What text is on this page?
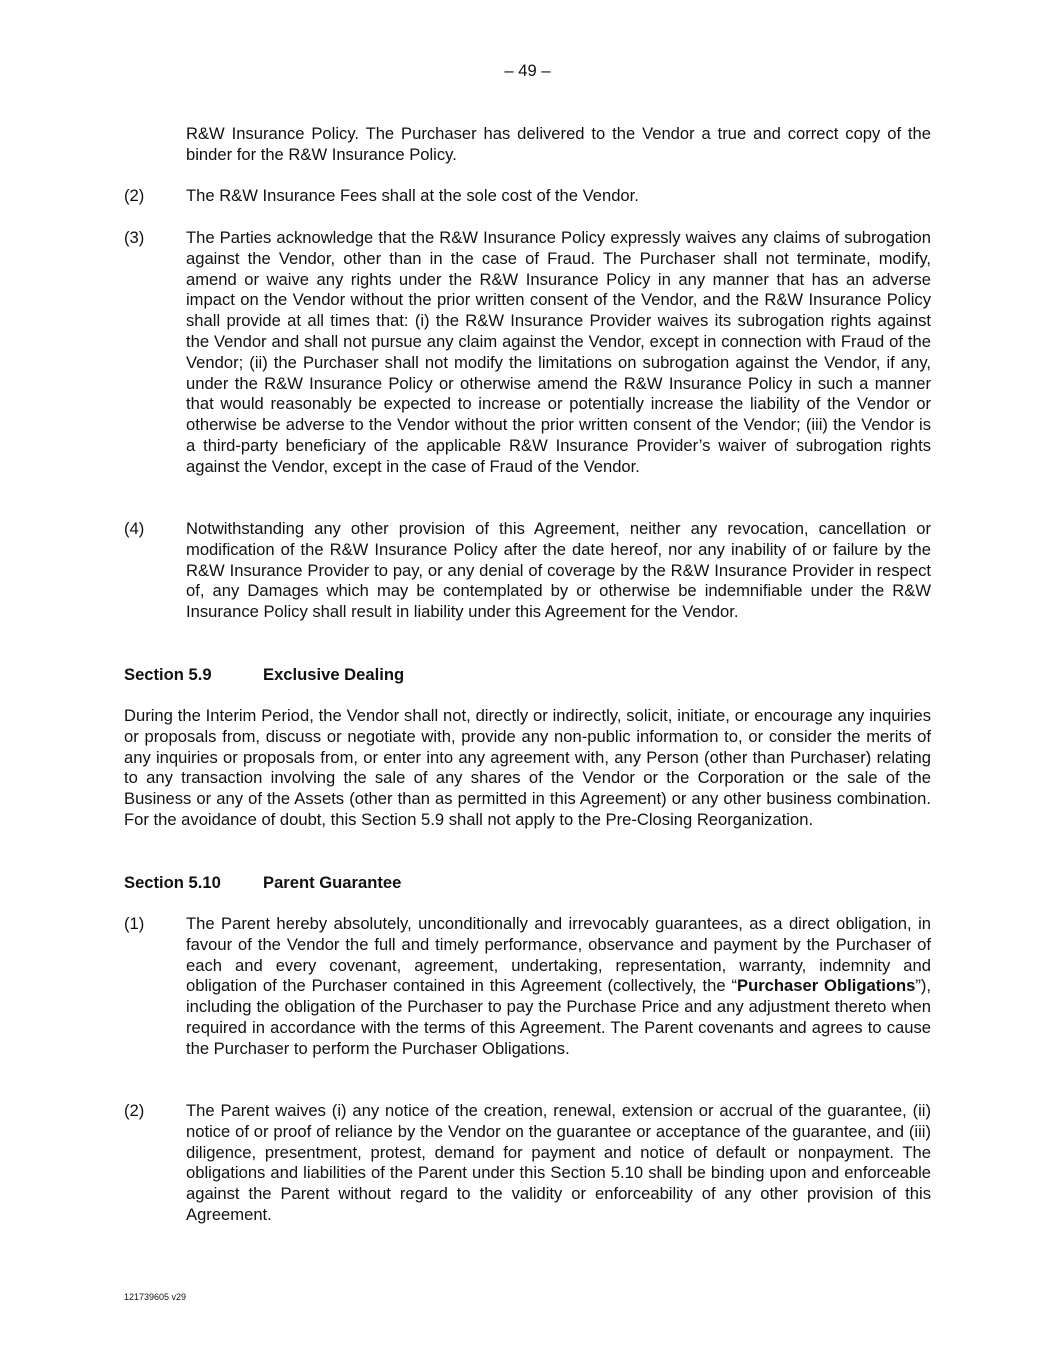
– 49 –
R&W Insurance Policy. The Purchaser has delivered to the Vendor a true and correct copy of the binder for the R&W Insurance Policy.
(2)	The R&W Insurance Fees shall at the sole cost of the Vendor.
(3)	The Parties acknowledge that the R&W Insurance Policy expressly waives any claims of subrogation against the Vendor, other than in the case of Fraud. The Purchaser shall not terminate, modify, amend or waive any rights under the R&W Insurance Policy in any manner that has an adverse impact on the Vendor without the prior written consent of the Vendor, and the R&W Insurance Policy shall provide at all times that: (i) the R&W Insurance Provider waives its subrogation rights against the Vendor and shall not pursue any claim against the Vendor, except in connection with Fraud of the Vendor; (ii) the Purchaser shall not modify the limitations on subrogation against the Vendor, if any, under the R&W Insurance Policy or otherwise amend the R&W Insurance Policy in such a manner that would reasonably be expected to increase or potentially increase the liability of the Vendor or otherwise be adverse to the Vendor without the prior written consent of the Vendor; (iii) the Vendor is a third-party beneficiary of the applicable R&W Insurance Provider’s waiver of subrogation rights against the Vendor, except in the case of Fraud of the Vendor.
(4)	Notwithstanding any other provision of this Agreement, neither any revocation, cancellation or modification of the R&W Insurance Policy after the date hereof, nor any inability of or failure by the R&W Insurance Provider to pay, or any denial of coverage by the R&W Insurance Provider in respect of, any Damages which may be contemplated by or otherwise be indemnifiable under the R&W Insurance Policy shall result in liability under this Agreement for the Vendor.
Section 5.9	Exclusive Dealing
During the Interim Period, the Vendor shall not, directly or indirectly, solicit, initiate, or encourage any inquiries or proposals from, discuss or negotiate with, provide any non-public information to, or consider the merits of any inquiries or proposals from, or enter into any agreement with, any Person (other than Purchaser) relating to any transaction involving the sale of any shares of the Vendor or the Corporation or the sale of the Business or any of the Assets (other than as permitted in this Agreement) or any other business combination. For the avoidance of doubt, this Section 5.9 shall not apply to the Pre-Closing Reorganization.
Section 5.10	Parent Guarantee
(1)	The Parent hereby absolutely, unconditionally and irrevocably guarantees, as a direct obligation, in favour of the Vendor the full and timely performance, observance and payment by the Purchaser of each and every covenant, agreement, undertaking, representation, warranty, indemnity and obligation of the Purchaser contained in this Agreement (collectively, the “Purchaser Obligations”), including the obligation of the Purchaser to pay the Purchase Price and any adjustment thereto when required in accordance with the terms of this Agreement. The Parent covenants and agrees to cause the Purchaser to perform the Purchaser Obligations.
(2)	The Parent waives (i) any notice of the creation, renewal, extension or accrual of the guarantee, (ii) notice of or proof of reliance by the Vendor on the guarantee or acceptance of the guarantee, and (iii) diligence, presentment, protest, demand for payment and notice of default or nonpayment. The obligations and liabilities of the Parent under this Section 5.10 shall be binding upon and enforceable against the Parent without regard to the validity or enforceability of any other provision of this Agreement.
121739605 v29
